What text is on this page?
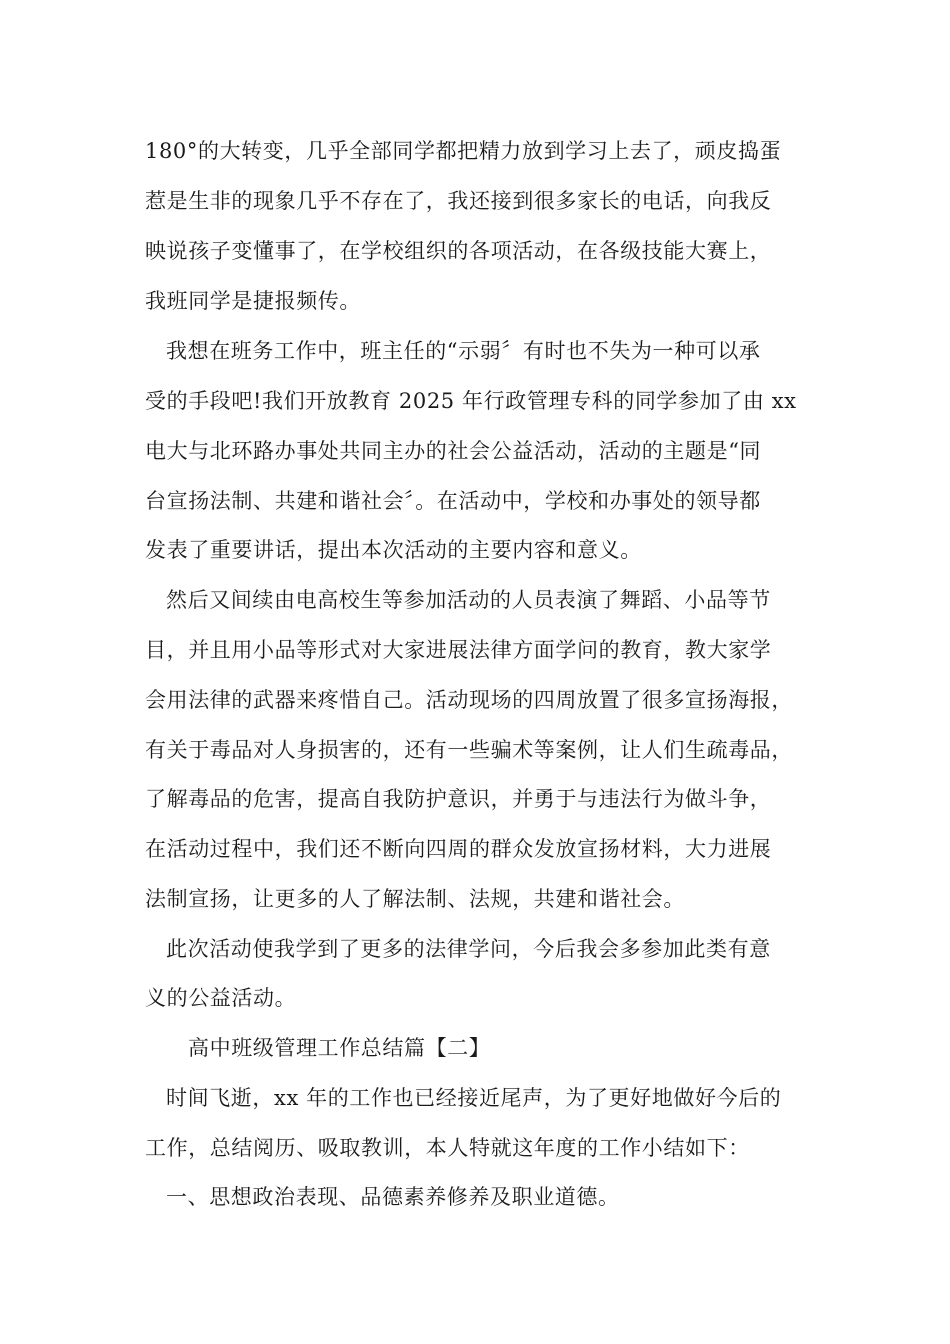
180°的大转变，几乎全部同学都把精力放到学习上去了，顽皮捣蛋
惹是生非的现象几乎不存在了，我还接到很多家长的电话，向我反
映说孩子变懂事了，在学校组织的各项活动，在各级技能大赛上，
我班同学是捷报频传。
我想在班务工作中，班主任的“示弱〞有时也不失为一种可以承
受的手段吧!我们开放教育 2025 年行政管理专科的同学参加了由 xx
电大与北环路办事处共同主办的社会公益活动，活动的主题是“同
台宣扬法制、共建和谐社会〞。在活动中，学校和办事处的领导都
发表了重要讲话，提出本次活动的主要内容和意义。
然后又间续由电高校生等参加活动的人员表演了舞蹈、小品等节
目，并且用小品等形式对大家进展法律方面学问的教育，教大家学
会用法律的武器来疼惜自己。活动现场的四周放置了很多宣扬海报，
有关于毒品对人身损害的，还有一些骗术等案例，让人们生疏毒品，
了解毒品的危害，提高自我防护意识，并勇于与违法行为做斗争，
在活动过程中，我们还不断向四周的群众发放宣扬材料，大力进展
法制宣扬，让更多的人了解法制、法规，共建和谐社会。
此次活动使我学到了更多的法律学问，今后我会多参加此类有意
义的公益活动。
高中班级管理工作总结篇【二】
时间飞逝，xx 年的工作也已经接近尾声，为了更好地做好今后的
工作，总结阅历、吸取教训，本人特就这年度的工作小结如下：
一、思想政治表现、品德素养修养及职业道德。
